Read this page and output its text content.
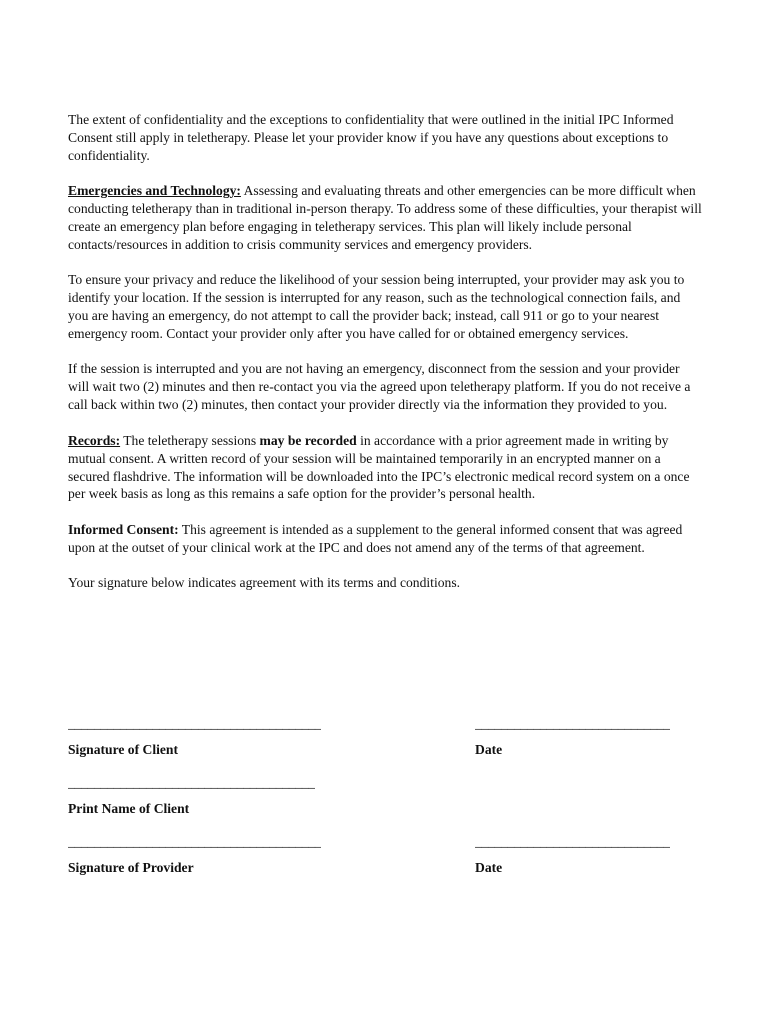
The extent of confidentiality and the exceptions to confidentiality that were outlined in the initial IPC Informed Consent still apply in teletherapy. Please let your provider know if you have any questions about exceptions to confidentiality.

Emergencies and Technology: Assessing and evaluating threats and other emergencies can be more difficult when conducting teletherapy than in traditional in-person therapy. To address some of these difficulties, your therapist will create an emergency plan before engaging in teletherapy services. This plan will likely include personal contacts/resources in addition to crisis community services and emergency providers.

To ensure your privacy and reduce the likelihood of your session being interrupted, your provider may ask you to identify your location. If the session is interrupted for any reason, such as the technological connection fails, and you are having an emergency, do not attempt to call the provider back; instead, call 911 or go to your nearest emergency room. Contact your provider only after you have called for or obtained emergency services.

If the session is interrupted and you are not having an emergency, disconnect from the session and your provider will wait two (2) minutes and then re-contact you via the agreed upon teletherapy platform. If you do not receive a call back within two (2) minutes, then contact your provider directly via the information they provided to you.

Records: The teletherapy sessions may be recorded in accordance with a prior agreement made in writing by mutual consent. A written record of your session will be maintained temporarily in an encrypted manner on a secured flashdrive. The information will be downloaded into the IPC’s electronic medical record system on a once per week basis as long as this remains a safe option for the provider’s personal health.

Informed Consent: This agreement is intended as a supplement to the general informed consent that was agreed upon at the outset of your clinical work at the IPC and does not amend any of the terms of that agreement.

Your signature below indicates agreement with its terms and conditions.

_______________________________________	______________________________
Signature of Client	Date
______________________________________
Print Name of Client
_______________________________________	______________________________
Signature of Provider	Date
